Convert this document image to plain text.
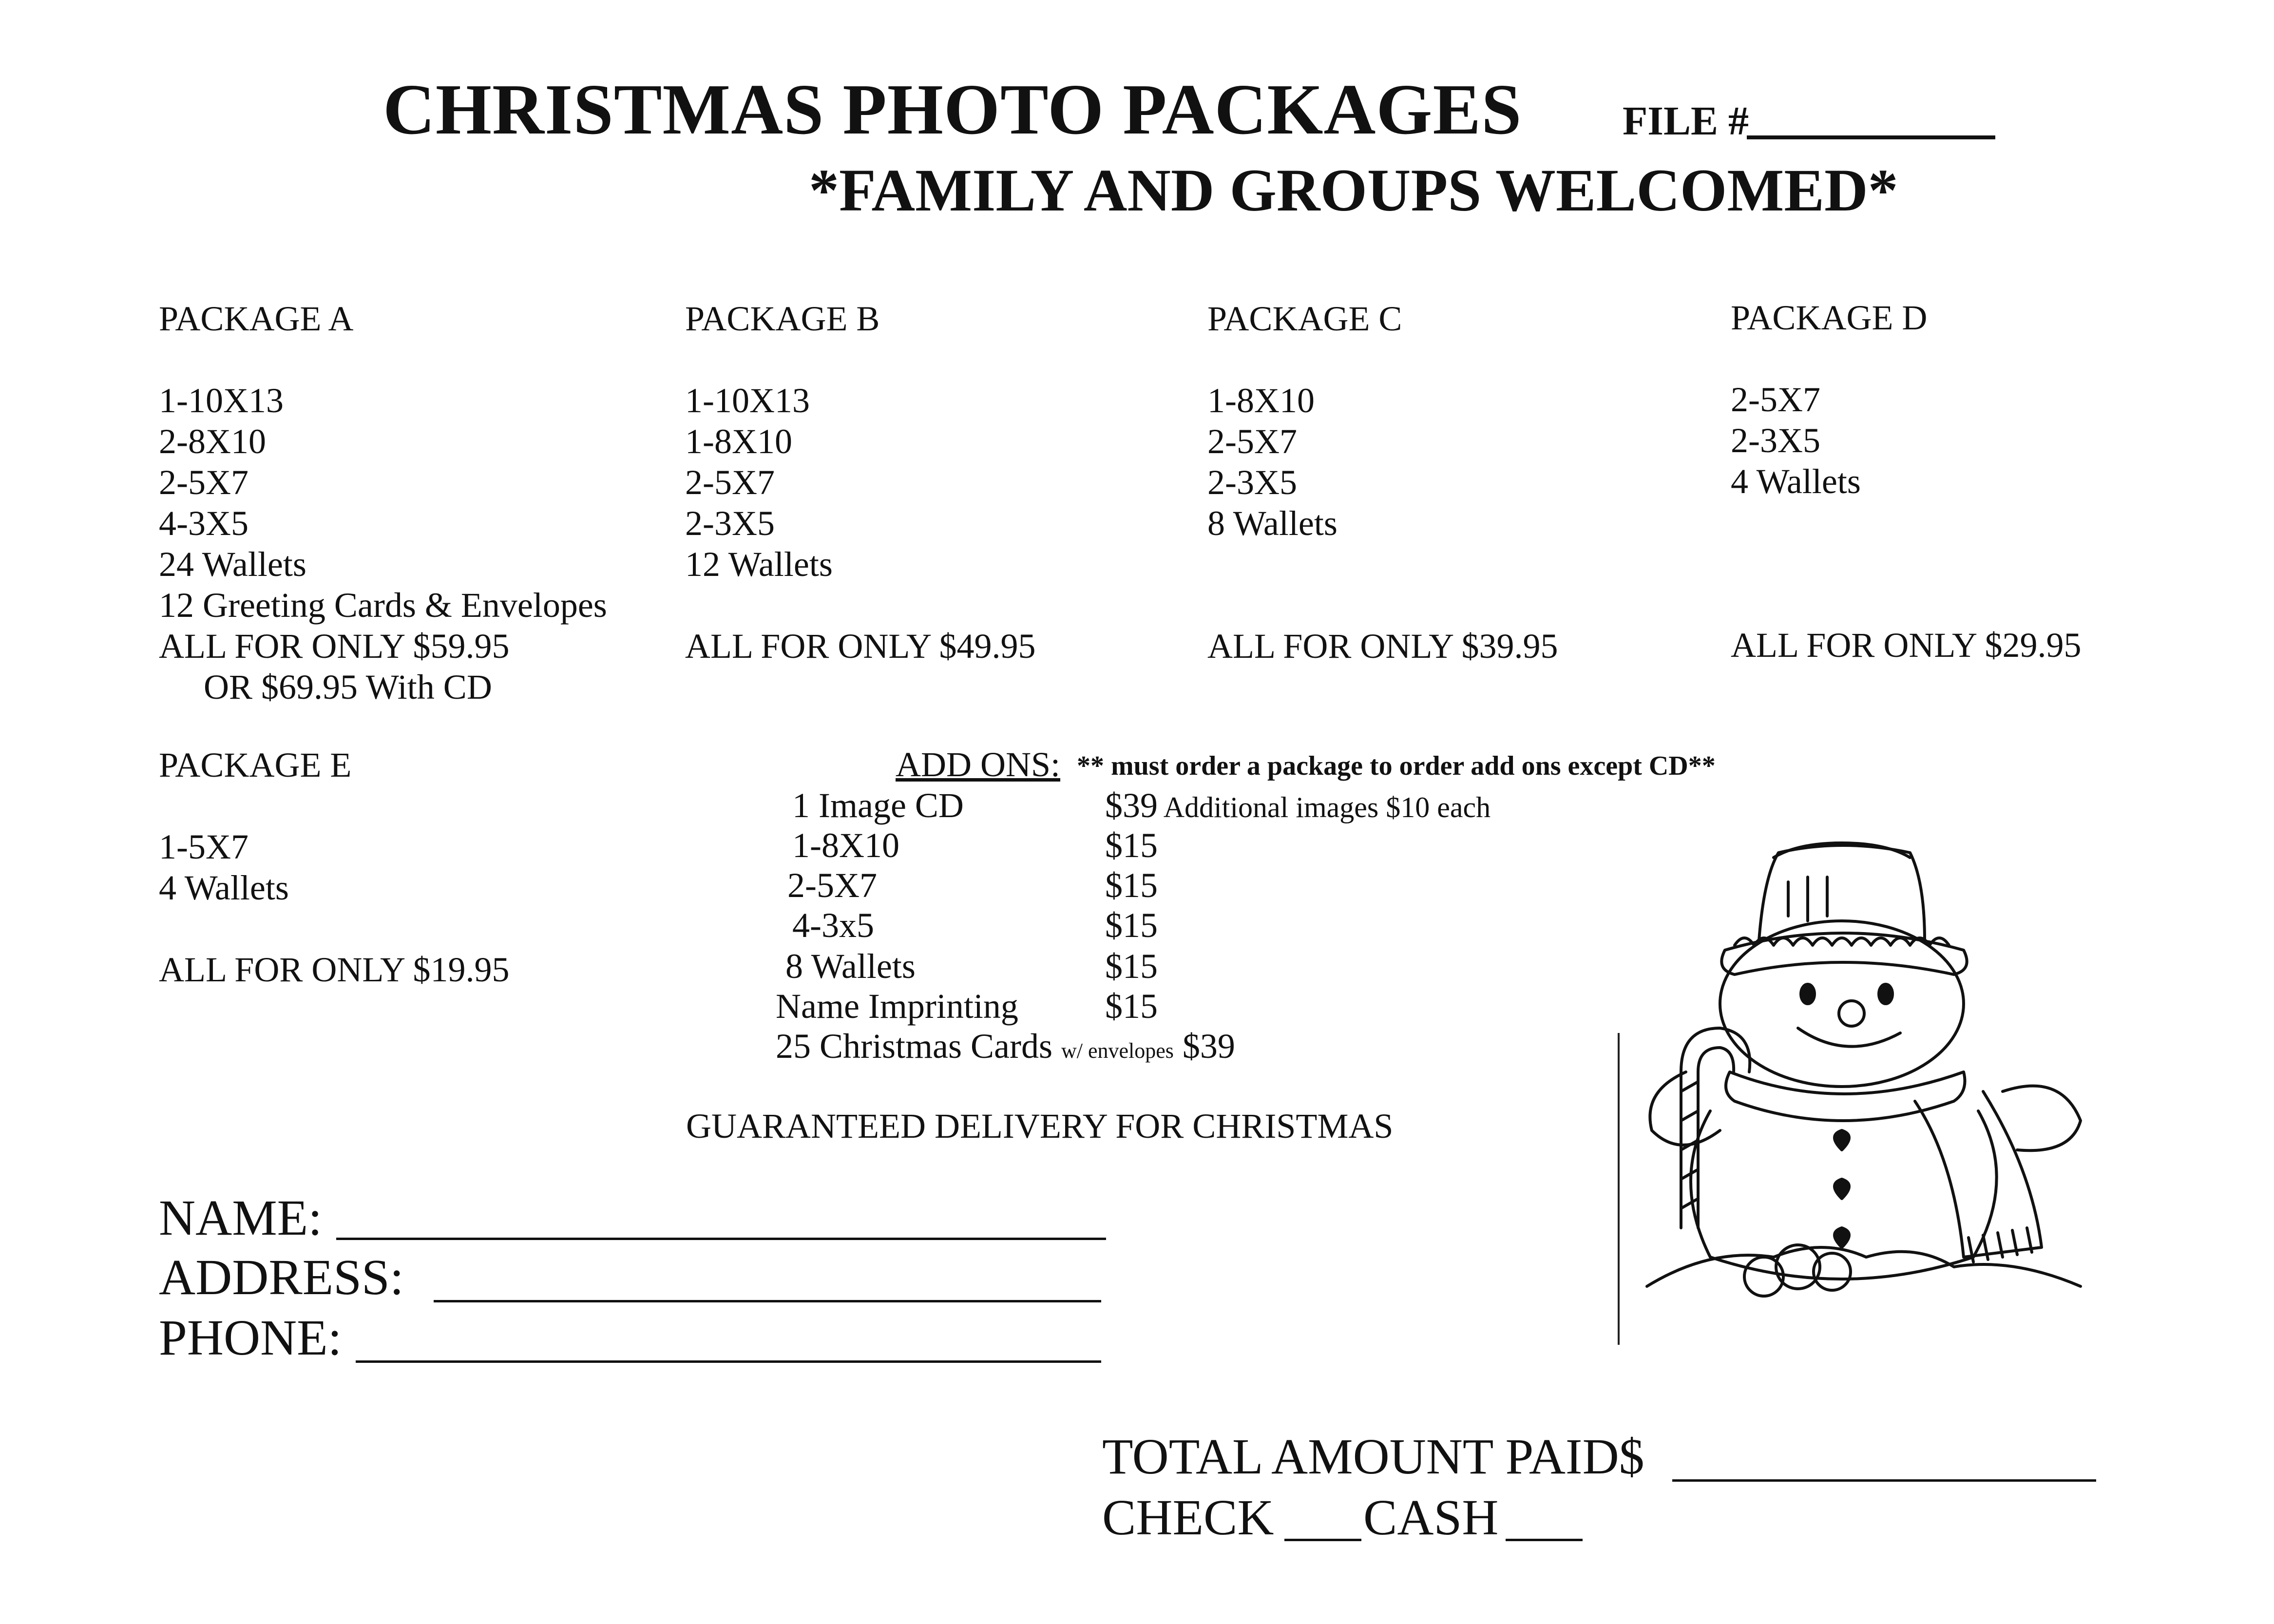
CHRISTMAS PHOTO PACKAGES FILE #
*FAMILY AND GROUPS WELCOMED*
PACKAGE A
1-10X13
2-8X10
2-5X7
4-3X5
24 Wallets
12 Greeting Cards & Envelopes
ALL FOR ONLY $59.95
OR $69.95 With CD
PACKAGE B
1-10X13
1-8X10
2-5X7
2-3X5
12 Wallets

ALL FOR ONLY $49.95
PACKAGE C
1-8X10
2-5X7
2-3X5
8 Wallets

ALL FOR ONLY $39.95
PACKAGE D
2-5X7
2-3X5
4 Wallets

ALL FOR ONLY $29.95
PACKAGE E
1-5X7
4 Wallets

ALL FOR ONLY $19.95
ADD ONS: ** must order a package to order add ons except CD**
1 Image CD	$39 Additional images $10 each
1-8X10	$15
2-5X7	$15
4-3x5	$15
8 Wallets	$15
Name Imprinting $15
25 Christmas Cards w/ envelopes $39
GUARANTEED DELIVERY FOR CHRISTMAS
NAME:
ADDRESS:
PHONE:
TOTAL AMOUNT PAID$
CHECK CASH
